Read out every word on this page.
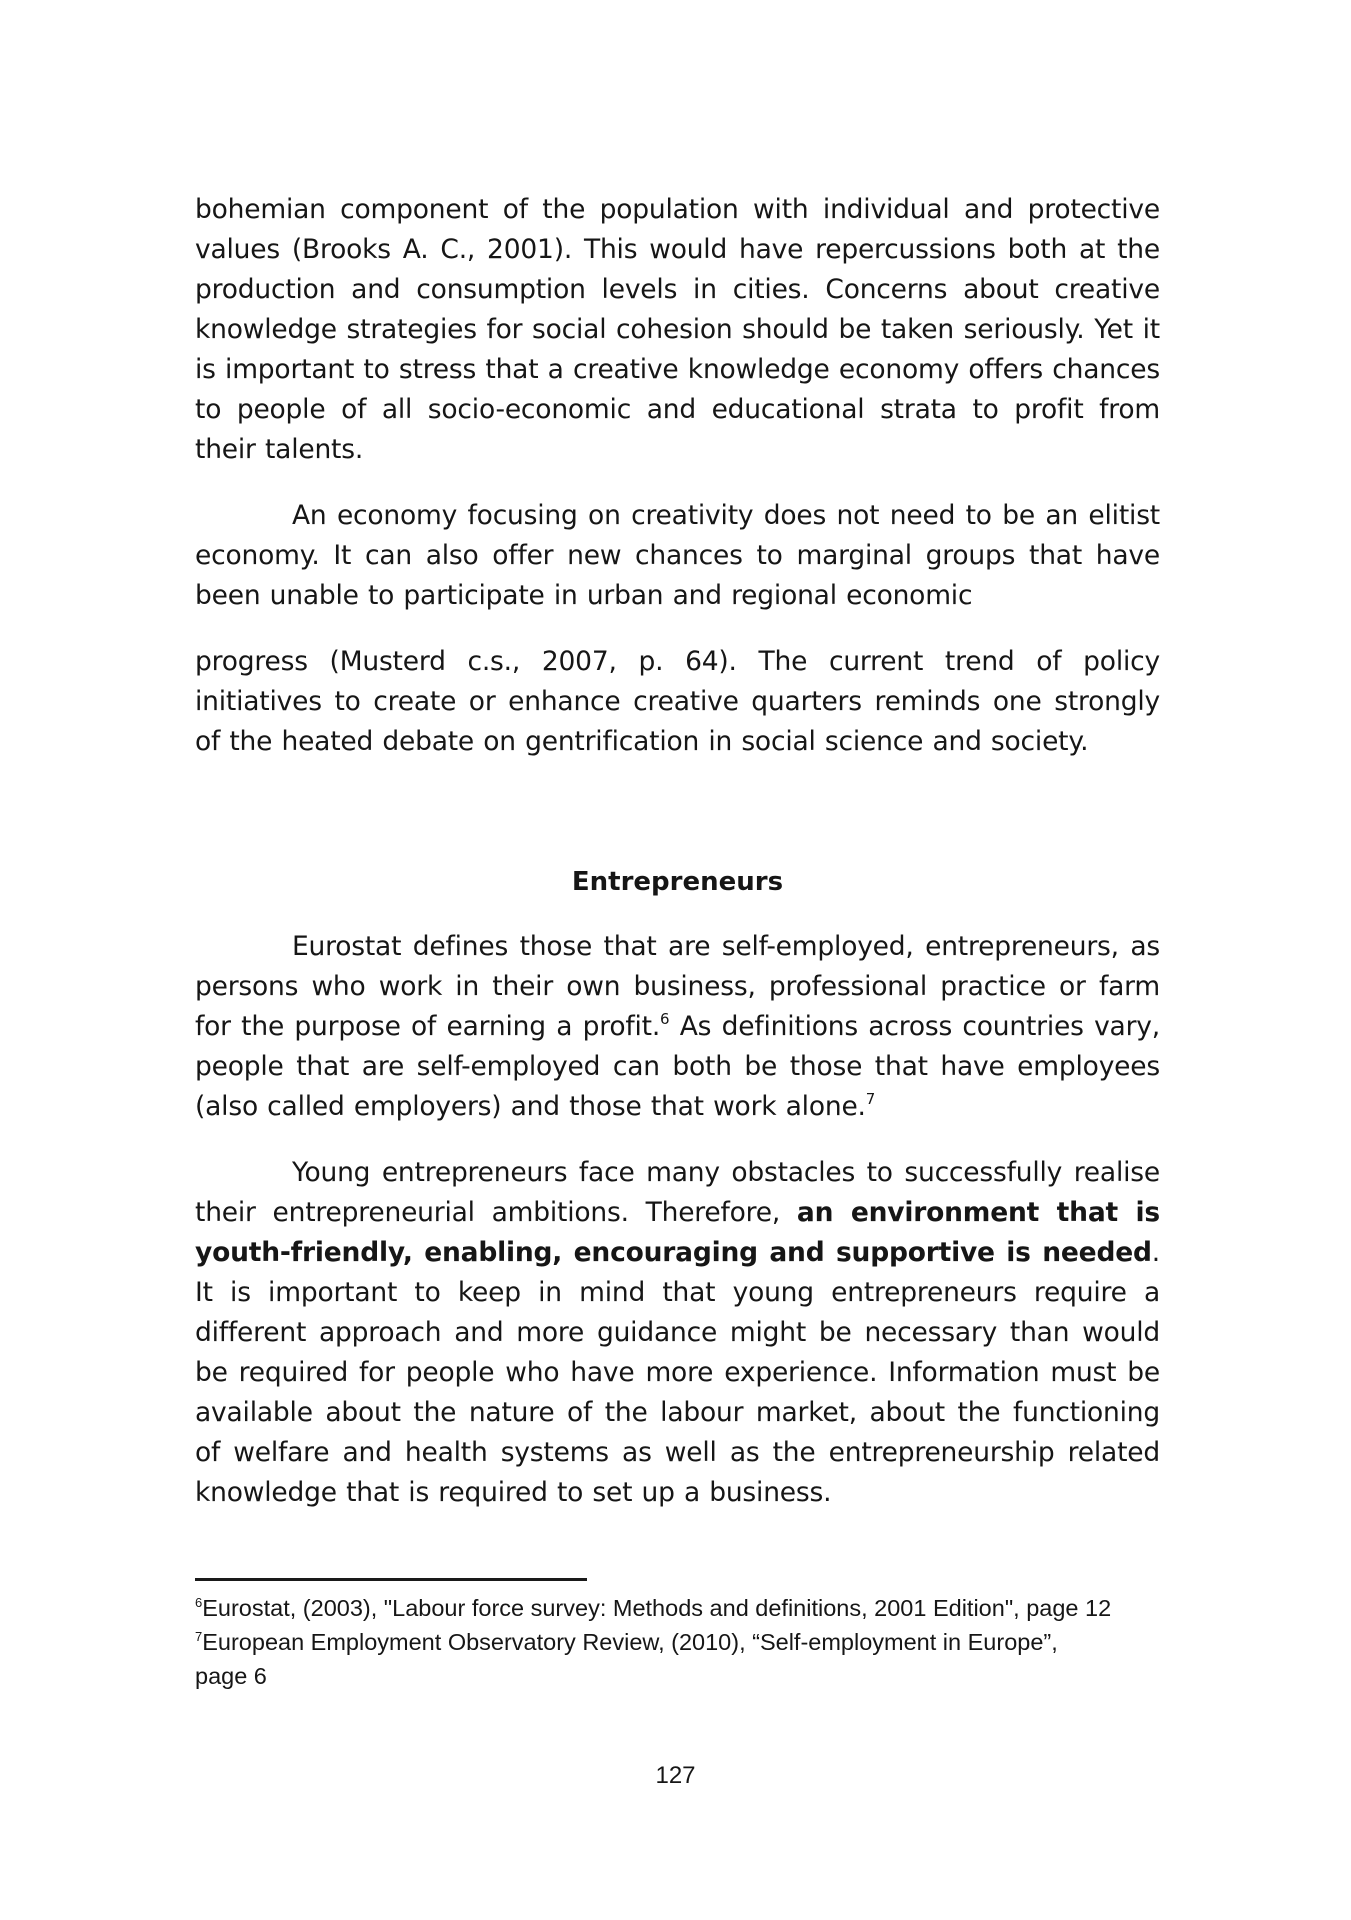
bohemian component of the population with individual and protective values (Brooks A. C., 2001). This would have repercussions both at the production and consumption levels in cities. Concerns about creative knowledge strategies for social cohesion should be taken seriously. Yet it is important to stress that a creative knowledge economy offers chances to people of all socio-economic and educational strata to profit from their talents.

An economy focusing on creativity does not need to be an elitist economy. It can also offer new chances to marginal groups that have been unable to participate in urban and regional economic

progress (Musterd c.s., 2007, p. 64). The current trend of policy initiatives to create or enhance creative quarters reminds one strongly of the heated debate on gentrification in social science and society.

Entrepreneurs

Eurostat defines those that are self-employed, entrepreneurs, as persons who work in their own business, professional practice or farm for the purpose of earning a profit.$^6$ As definitions across countries vary, people that are self-employed can both be those that have employees (also called employers) and those that work alone.$^7$

Young entrepreneurs face many obstacles to successfully realise their entrepreneurial ambitions. Therefore, an environment that is youth-friendly, enabling, encouraging and supportive is needed. It is important to keep in mind that young entrepreneurs require a different approach and more guidance might be necessary than would be required for people who have more experience. Information must be available about the nature of the labour market, about the functioning of welfare and health systems as well as the entrepreneurship related knowledge that is required to set up a business.

$^6$Eurostat, (2003), "Labour force survey: Methods and definitions, 2001 Edition", page 12

$^7$European Employment Observatory Review, (2010), “Self-employment in Europe”, page 6

127
